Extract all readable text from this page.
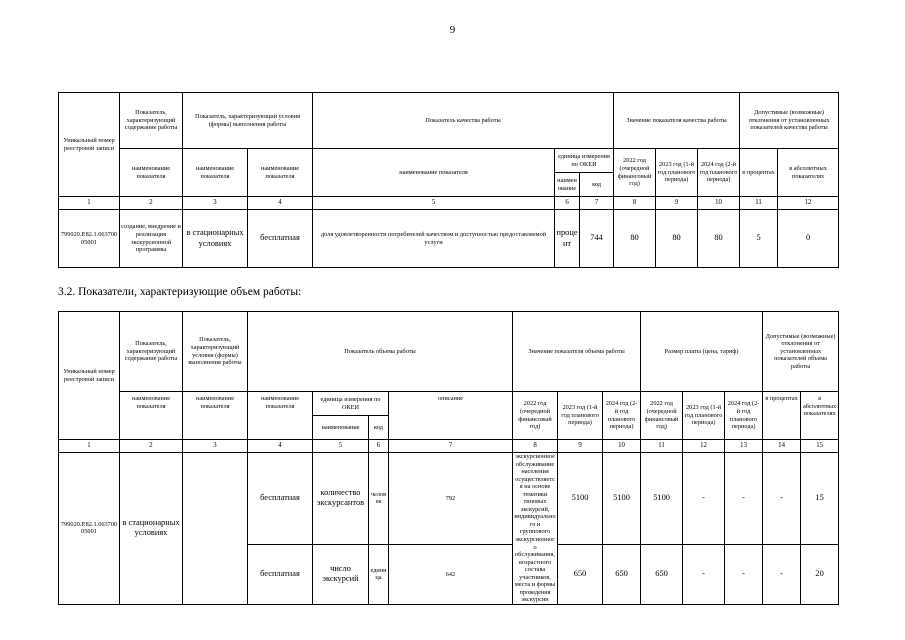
9
Уникальный номер реестровой записи	Показатель, характеризующий содержание работы	Показатель, характеризующий условия (формы) выполнения работы		Показатель качества работы			Значение показателя качества работы			Допустимые (возможные) отклонения от установленных показателей качества работы	
	наименование показателя	наименование показателя	наименование показателя	наименование показателя	единица измерения по ОКЕИ		2022 год (очередной финансовый год)	2023 год (1-й год планового периода)	2024 год (2-й год планового периода)	в процентах	в абсолютных показателях
					наименование	код					
1	2	3	4	5	6	7	8	9	10	11	12
799020.Р.82.1.06370005001	создание, внедрение и реализация экскурсионной программы	в стационарных условиях	бесплатная	доля удовлетворенности потребителей качеством и доступностью предоставляемой услуги	процент	744	80	80	80	5	0
3.2. Показатели, характеризующие объем работы:
Уникальный номер реестровой записи	Показатель, характеризующий содержание работы	Показатель, характеризующий условия (формы) выполнения работы	Показатель объема работы				Значение показателя объема работы			Размер платы (цена, тариф)			Допустимые (возможные) отклонения от установленных показателей объема работы		
	наименование показателя	наименование показателя	наименование показателя	единица измерения по ОКЕИ		описание	2022 год (очередной финансовый год)	2023 год (1-й год планового периода)	2024 год (2-й год планового периода)	2022 год (очередной финансовый год)	2023 год (1-й год планового периода)	2024 год (2-й год планового периода)	в процентах	в абсолютных показателях	
				наименование	код										
1	2	3	4	5	6	7	8	9	10	11	12	13	14	15	
799020.Р.82.1.06370005001	в стационарных условиях		бесплатная	количество экскурсантов	человек	792	экскурсионное обслуживание населения осуществляется на основе тематики типовых экскурсий, индивидуального и группового экскурсионного обслуживания, возрастного состава участников, места и формы проведения экскурсии	5100	5100	5100	-	-	-	15	
			бесплатная	число экскурсий	единица	642		650	650	650	-	-	-	20	
